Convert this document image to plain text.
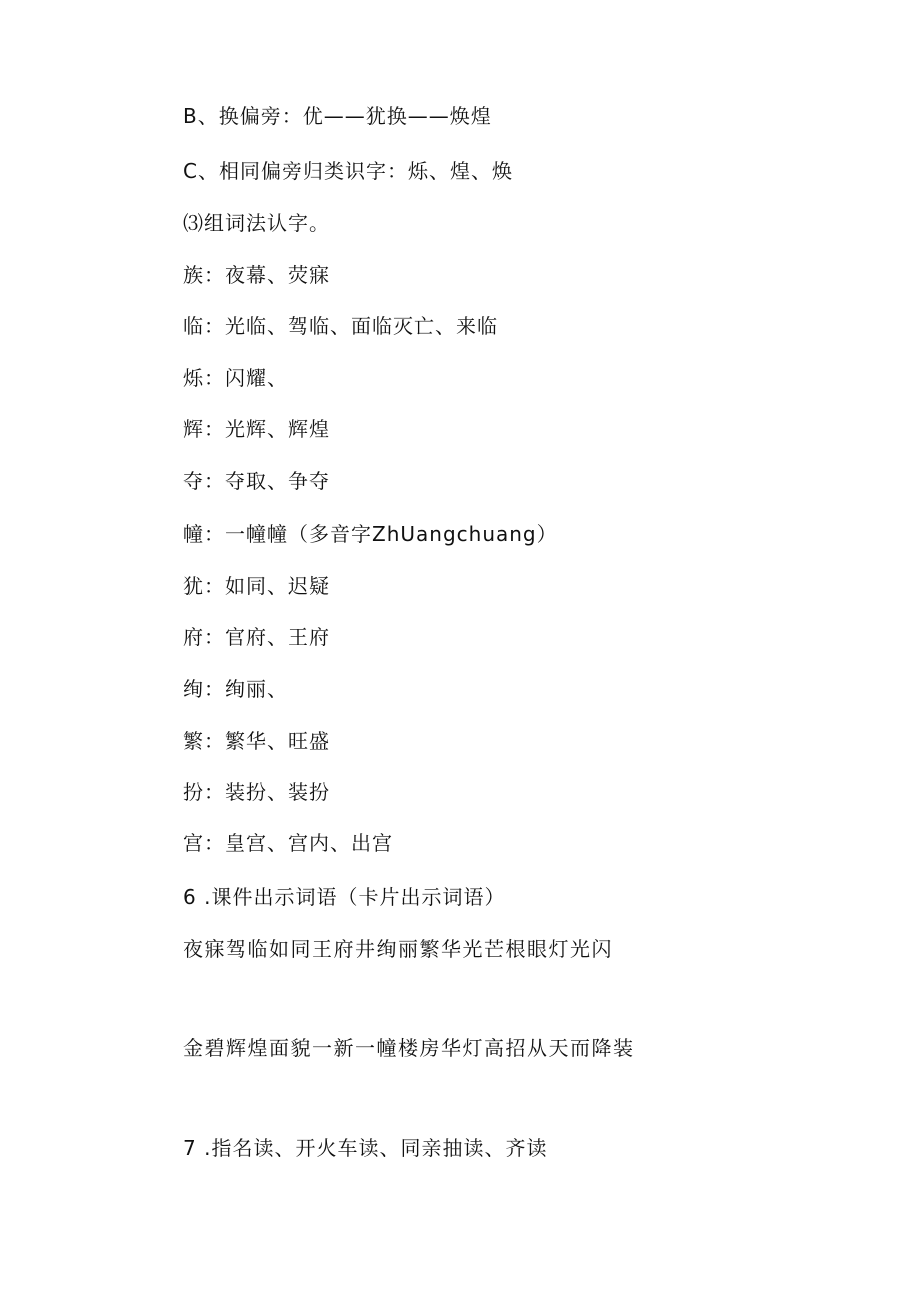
B、换偏旁：优——犹换——焕煌
C、相同偏旁归类识字：烁、煌、焕
⑶组词法认字。
族：夜幕、荧寐
临：光临、驾临、面临灭亡、来临
烁：闪耀、
辉：光辉、辉煌
夺：夺取、争夺
幢：一幢幢（多音字ZhUangchuang）
犹：如同、迟疑
府：官府、王府
绚：绚丽、
繁：繁华、旺盛
扮：装扮、装扮
宫：皇宫、宫内、出宫
6 .课件出示词语（卡片出示词语）
夜寐驾临如同王府井绚丽繁华光芒根眼灯光闪
金碧辉煌面貌一新一幢楼房华灯高招从天而降装
7 .指名读、开火车读、同亲抽读、齐读
